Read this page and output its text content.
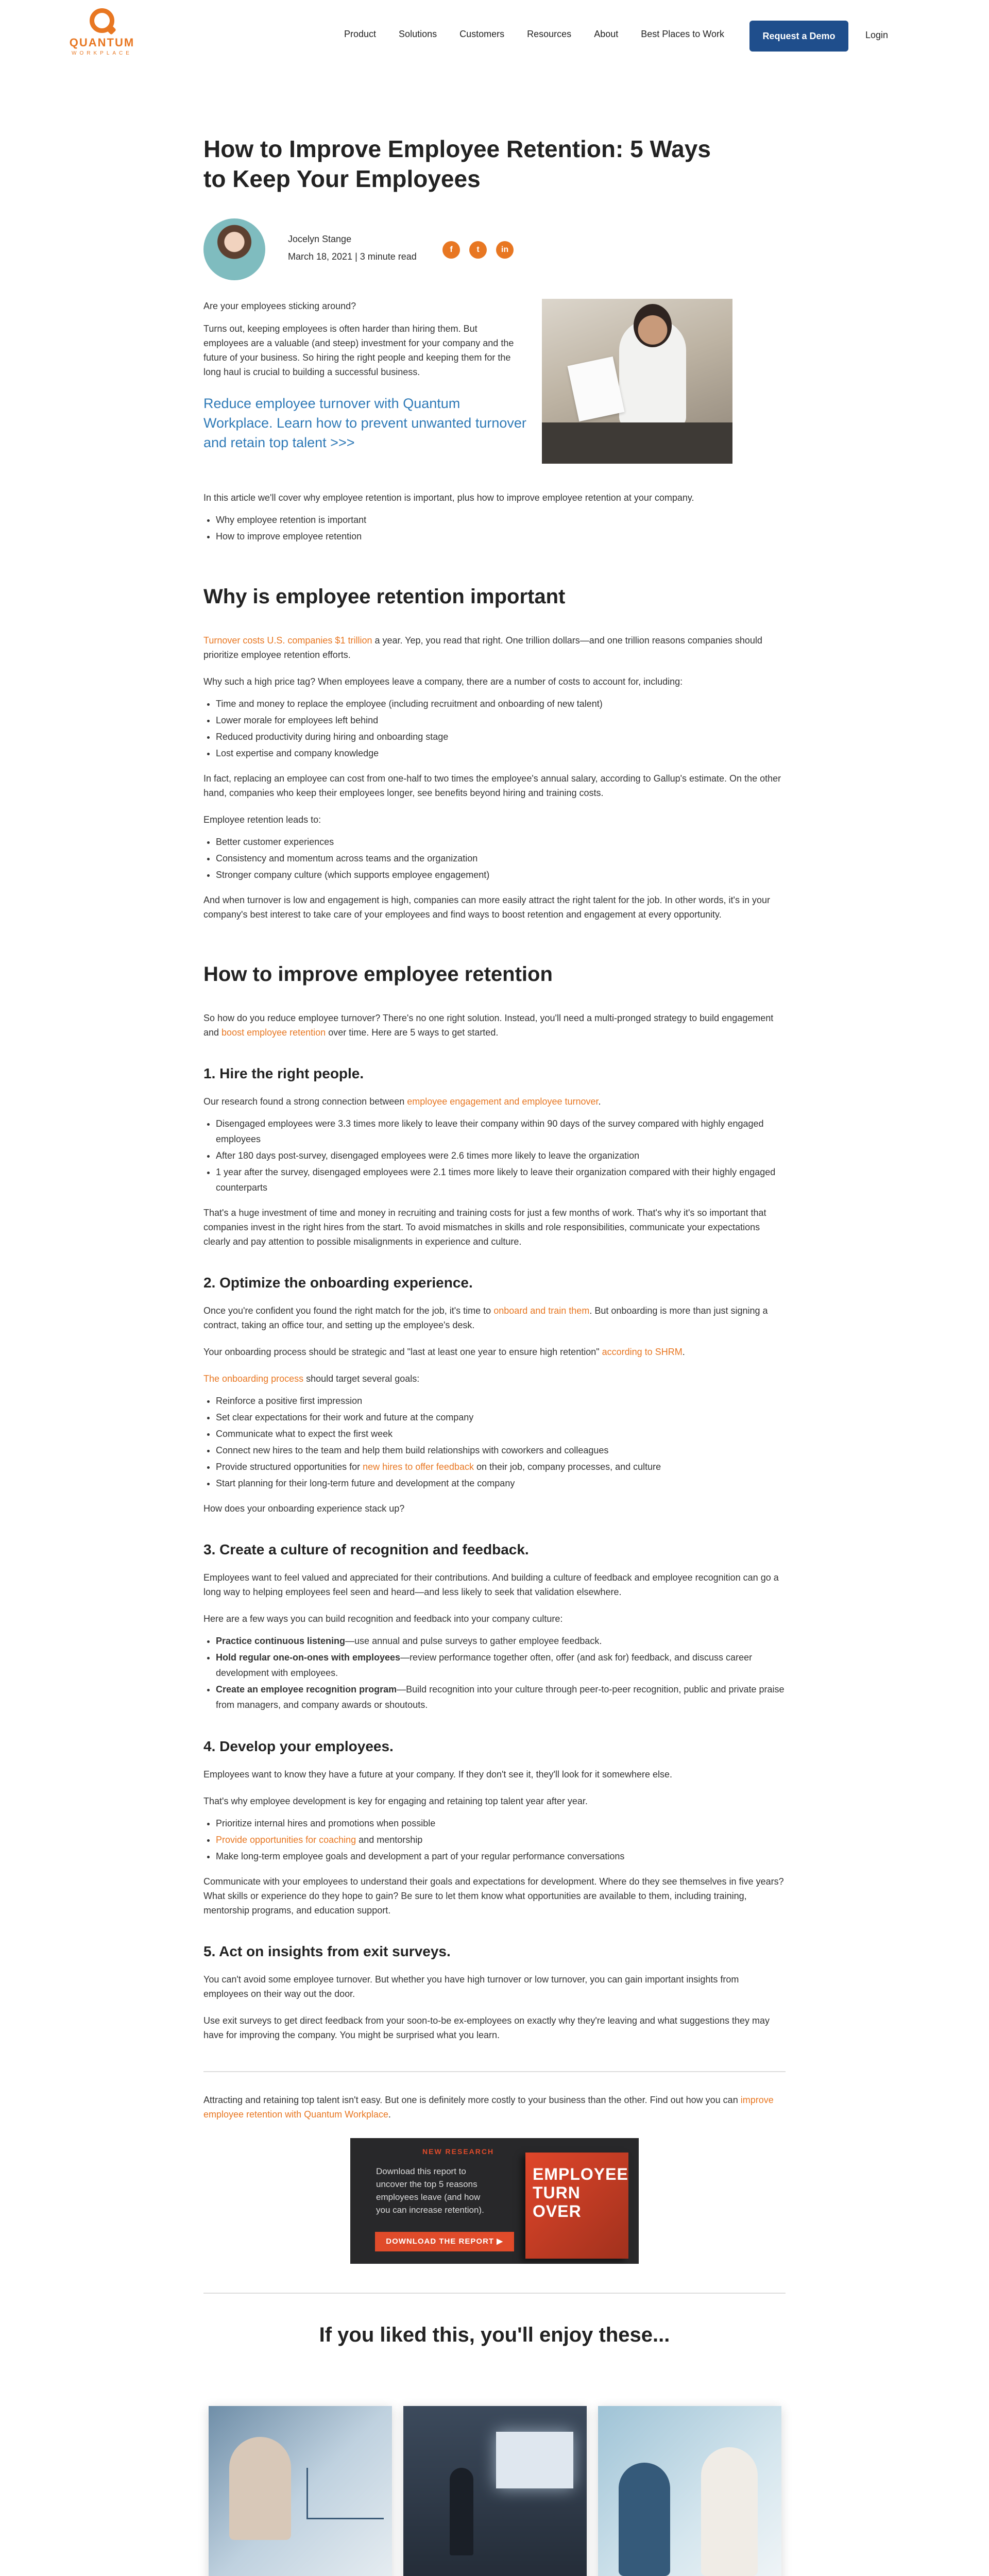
QUANTUM
WORKPLACE
Product Solutions Customers Resources About Best Places to Work	Request a Demo	Login
How to Improve Employee Retention: 5 Ways to Keep Your Employees
Jocelyn Stange
March 18, 2021 | 3 minute read
f	t	in

Are your employees sticking around?

Turns out, keeping employees is often harder than hiring them. But employees are a valuable (and steep) investment for your company and the future of your business. So hiring the right people and keeping them for the long haul is crucial to building a successful business.

Reduce employee turnover with Quantum Workplace. Learn how to prevent unwanted turnover and retain top talent >>>

In this article we'll cover why employee retention is important, plus how to improve employee retention at your company.

• Why employee retention is important
• How to improve employee retention
Why is employee retention important

Turnover costs U.S. companies $1 trillion a year. Yep, you read that right. One trillion dollars—and one trillion reasons companies should prioritize employee retention efforts.

Why such a high price tag? When employees leave a company, there are a number of costs to account for, including:

• Time and money to replace the employee (including recruitment and onboarding of new talent)
• Lower morale for employees left behind
• Reduced productivity during hiring and onboarding stage
• Lost expertise and company knowledge

In fact, replacing an employee can cost from one-half to two times the employee's annual salary, according to Gallup's estimate. On the other hand, companies who keep their employees longer, see benefits beyond hiring and training costs.

Employee retention leads to:

• Better customer experiences
• Consistency and momentum across teams and the organization
• Stronger company culture (which supports employee engagement)

And when turnover is low and engagement is high, companies can more easily attract the right talent for the job. In other words, it's in your company's best interest to take care of your employees and find ways to boost retention and engagement at every opportunity.

How to improve employee retention

So how do you reduce employee turnover? There's no one right solution. Instead, you'll need a multi-pronged strategy to build engagement and boost employee retention over time. Here are 5 ways to get started.

1. Hire the right people.

Our research found a strong connection between employee engagement and employee turnover.

• Disengaged employees were 3.3 times more likely to leave their company within 90 days of the survey compared with highly engaged employees
• After 180 days post-survey, disengaged employees were 2.6 times more likely to leave the organization
• 1 year after the survey, disengaged employees were 2.1 times more likely to leave their organization compared with their highly engaged counterparts

That's a huge investment of time and money in recruiting and training costs for just a few months of work. That's why it's so important that companies invest in the right hires from the start. To avoid mismatches in skills and role responsibilities, communicate your expectations clearly and pay attention to possible misalignments in experience and culture.

2. Optimize the onboarding experience.

Once you're confident you found the right match for the job, it's time to onboard and train them. But onboarding is more than just signing a contract, taking an office tour, and setting up the employee's desk.

Your onboarding process should be strategic and "last at least one year to ensure high retention" according to SHRM.

The onboarding process should target several goals:

• Reinforce a positive first impression
• Set clear expectations for their work and future at the company
• Communicate what to expect the first week
• Connect new hires to the team and help them build relationships with coworkers and colleagues
• Provide structured opportunities for new hires to offer feedback on their job, company processes, and culture
• Start planning for their long-term future and development at the company

How does your onboarding experience stack up?

3. Create a culture of recognition and feedback.

Employees want to feel valued and appreciated for their contributions. And building a culture of feedback and employee recognition can go a long way to helping employees feel seen and heard—and less likely to seek that validation elsewhere.

Here are a few ways you can build recognition and feedback into your company culture:

• Practice continuous listening—use annual and pulse surveys to gather employee feedback.
• Hold regular one-on-ones with employees—review performance together often, offer (and ask for) feedback, and discuss career development with employees.
• Create an employee recognition program—Build recognition into your culture through peer-to-peer recognition, public and private praise from managers, and company awards or shoutouts.
4. Develop your employees.

Employees want to know they have a future at your company. If they don't see it, they'll look for it somewhere else.

That's why employee development is key for engaging and retaining top talent year after year.

• Prioritize internal hires and promotions when possible
• Provide opportunities for coaching and mentorship
• Make long-term employee goals and development a part of your regular performance conversations

Communicate with your employees to understand their goals and expectations for development. Where do they see themselves in five years? What skills or experience do they hope to gain? Be sure to let them know what opportunities are available to them, including training, mentorship programs, and education support.

5. Act on insights from exit surveys.

You can't avoid some employee turnover. But whether you have high turnover or low turnover, you can gain important insights from employees on their way out the door.

Use exit surveys to get direct feedback from your soon-to-be ex-employees on exactly why they're leaving and what suggestions they may have for improving the company. You might be surprised what you learn.

Attracting and retaining top talent isn't easy. But one is definitely more costly to your business than the other. Find out how you can improve employee retention with Quantum Workplace.

NEW RESEARCH
Download this report to uncover the top 5 reasons employees leave (and how you can increase retention).
DOWNLOAD THE REPORT ▶
EMPLOYEE TURN OVER
If you liked this, you'll enjoy these...
